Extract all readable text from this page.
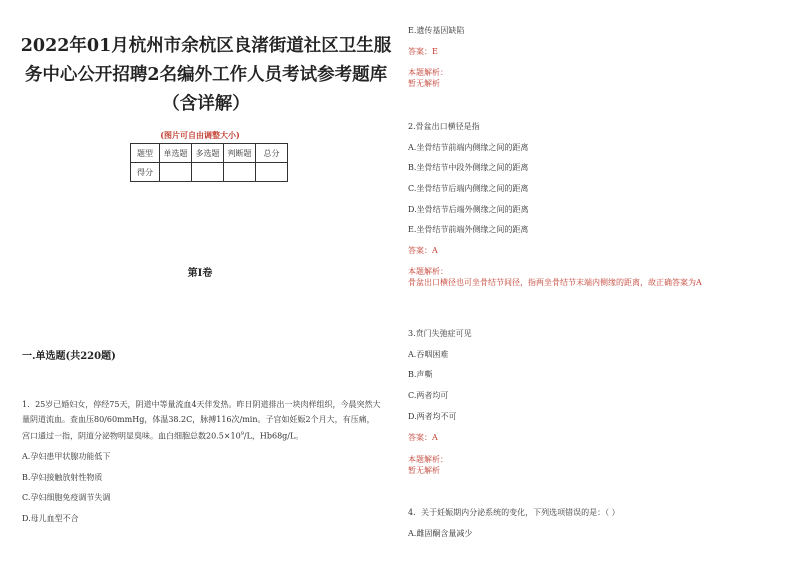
2022年01月杭州市余杭区良渚街道社区卫生服务中心公开招聘2名编外工作人员考试参考题库（含详解）
(图片可自由调整大小)
题型	单选题	多选题	判断题	总分
得分				
第I卷
一.单选题(共220题)
1．25岁已婚妇女，停经75天，阴道中等量流血4天伴发热。昨日阴道排出一块肉样组织，今晨突然大量阴道流血。查血压80/60mmHg，体温38.2C，脉搏116次/min。子宫如妊娠2个月大，有压痛，宫口通过一指，阴道分泌物明显臭味。血白细胞总数$20.5\times 10^9/L$，Hb68g/L。
A.孕妇患甲状腺功能低下
B.孕妇接触放射性物质
C.孕妇细胞免疫调节失调
D.母儿血型不合
E.遗传基因缺陷
答案：E
本题解析：
暂无解析
2.骨盆出口横径是指
A.坐骨结节前端内侧缘之间的距离
B.坐骨结节中段外侧缘之间的距离
C.坐骨结节后端内侧缘之间的距离
D.坐骨结节后端外侧缘之间的距离
E.坐骨结节前端外侧缘之间的距离
答案：A
本题解析：
骨盆出口横径也可坐骨结节间径，指两坐骨结节末端内侧缘的距离，故正确答案为A
3.贲门失弛症可见
A.吞咽困难
B.声嘶
C.两者均可
D.两者均不可
答案：A
本题解析：
暂无解析
4．关于妊娠期内分泌系统的变化，下列选项错误的是：（ ）
A.雌固酮含量减少
